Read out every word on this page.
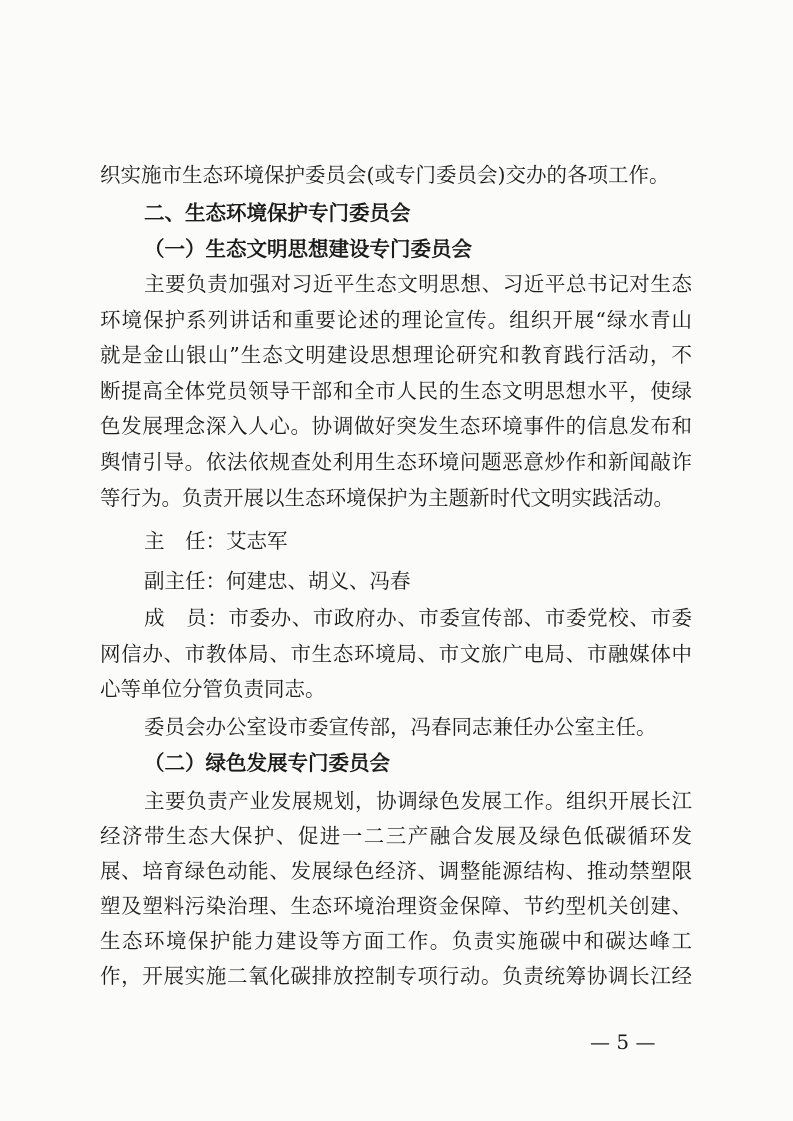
织实施市生态环境保护委员会(或专门委员会)交办的各项工作。
二、生态环境保护专门委员会
（一）生态文明思想建设专门委员会
主要负责加强对习近平生态文明思想、习近平总书记对生态
环境保护系列讲话和重要论述的理论宣传。组织开展“绿水青山
就是金山银山”生态文明建设思想理论研究和教育践行活动，不
断提高全体党员领导干部和全市人民的生态文明思想水平，使绿
色发展理念深入人心。协调做好突发生态环境事件的信息发布和
舆情引导。依法依规查处利用生态环境问题恶意炒作和新闻敲诈
等行为。负责开展以生态环境保护为主题新时代文明实践活动。
主　任：艾志军
副主任：何建忠、胡义、冯春
成　员：市委办、市政府办、市委宣传部、市委党校、市委
网信办、市教体局、市生态环境局、市文旅广电局、市融媒体中
心等单位分管负责同志。
委员会办公室设市委宣传部，冯春同志兼任办公室主任。
（二）绿色发展专门委员会
主要负责产业发展规划，协调绿色发展工作。组织开展长江
经济带生态大保护、促进一二三产融合发展及绿色低碳循环发
展、培育绿色动能、发展绿色经济、调整能源结构、推动禁塑限
塑及塑料污染治理、生态环境治理资金保障、节约型机关创建、
生态环境保护能力建设等方面工作。负责实施碳中和碳达峰工
作，开展实施二氧化碳排放控制专项行动。负责统筹协调长江经
— 5 —
